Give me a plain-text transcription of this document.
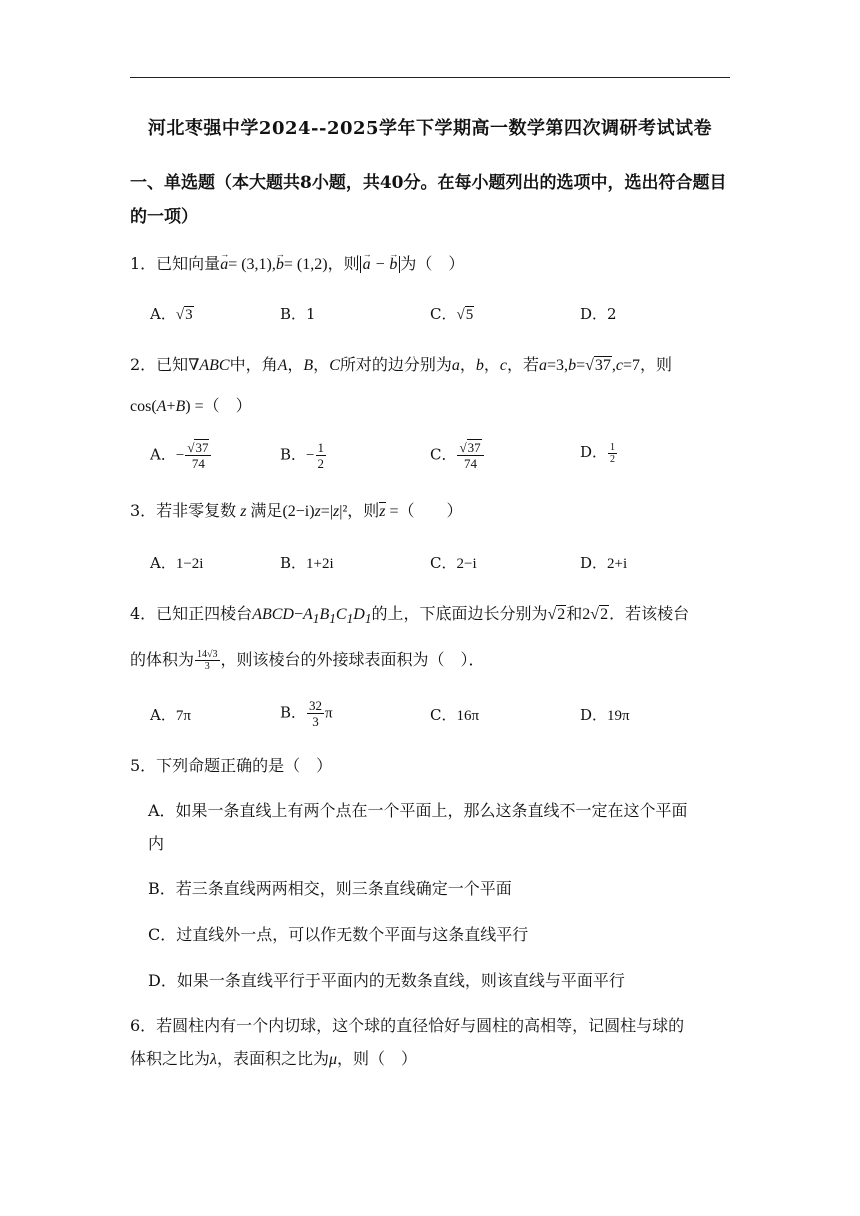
河北枣强中学2024--2025学年下学期高一数学第四次调研考试试卷
一、单选题（本大题共8小题，共40分。在每小题列出的选项中，选出符合题目的一项）
1．已知向量→ a= (3,1),→ b= (1,2)，则→ a − → b 为（　）
A．√3	B．1	C．√5	D．2
2．已知∇ABC中，角A，B，C所对的边分别为a，b，c，若a=3,b=√37,c=7，则
cos(A+B) =（　）
A．− $\frac{√37}{74}$	B．− $\frac{1}{2}$	C． $\frac{√37}{74}$	D． $\frac{1}{2}$
3．若非零复数 z 满足(2−i)z=|z|²，则z =（　　）
A．1−2i	B．1+2i	C．2−i	D．2+i
4．已知正四棱台$ABCD-A_1B_1C_1D_1$的上，下底面边长分别为√2和2√2．若该棱台
的体积为 $\frac{14√3}{3}$ ，则该棱台的外接球表面积为（　）．
A．7π	B． $\frac{32}{3}$ π	C．16π	D．19π
5．下列命题正确的是（　）
A．如果一条直线上有两个点在一个平面上，那么这条直线不一定在这个平面
内
B．若三条直线两两相交，则三条直线确定一个平面
C．过直线外一点，可以作无数个平面与这条直线平行
D．如果一条直线平行于平面内的无数条直线，则该直线与平面平行
6．若圆柱内有一个内切球，这个球的直径恰好与圆柱的高相等，记圆柱与球的
体积之比为λ，表面积之比为μ，则（　）
